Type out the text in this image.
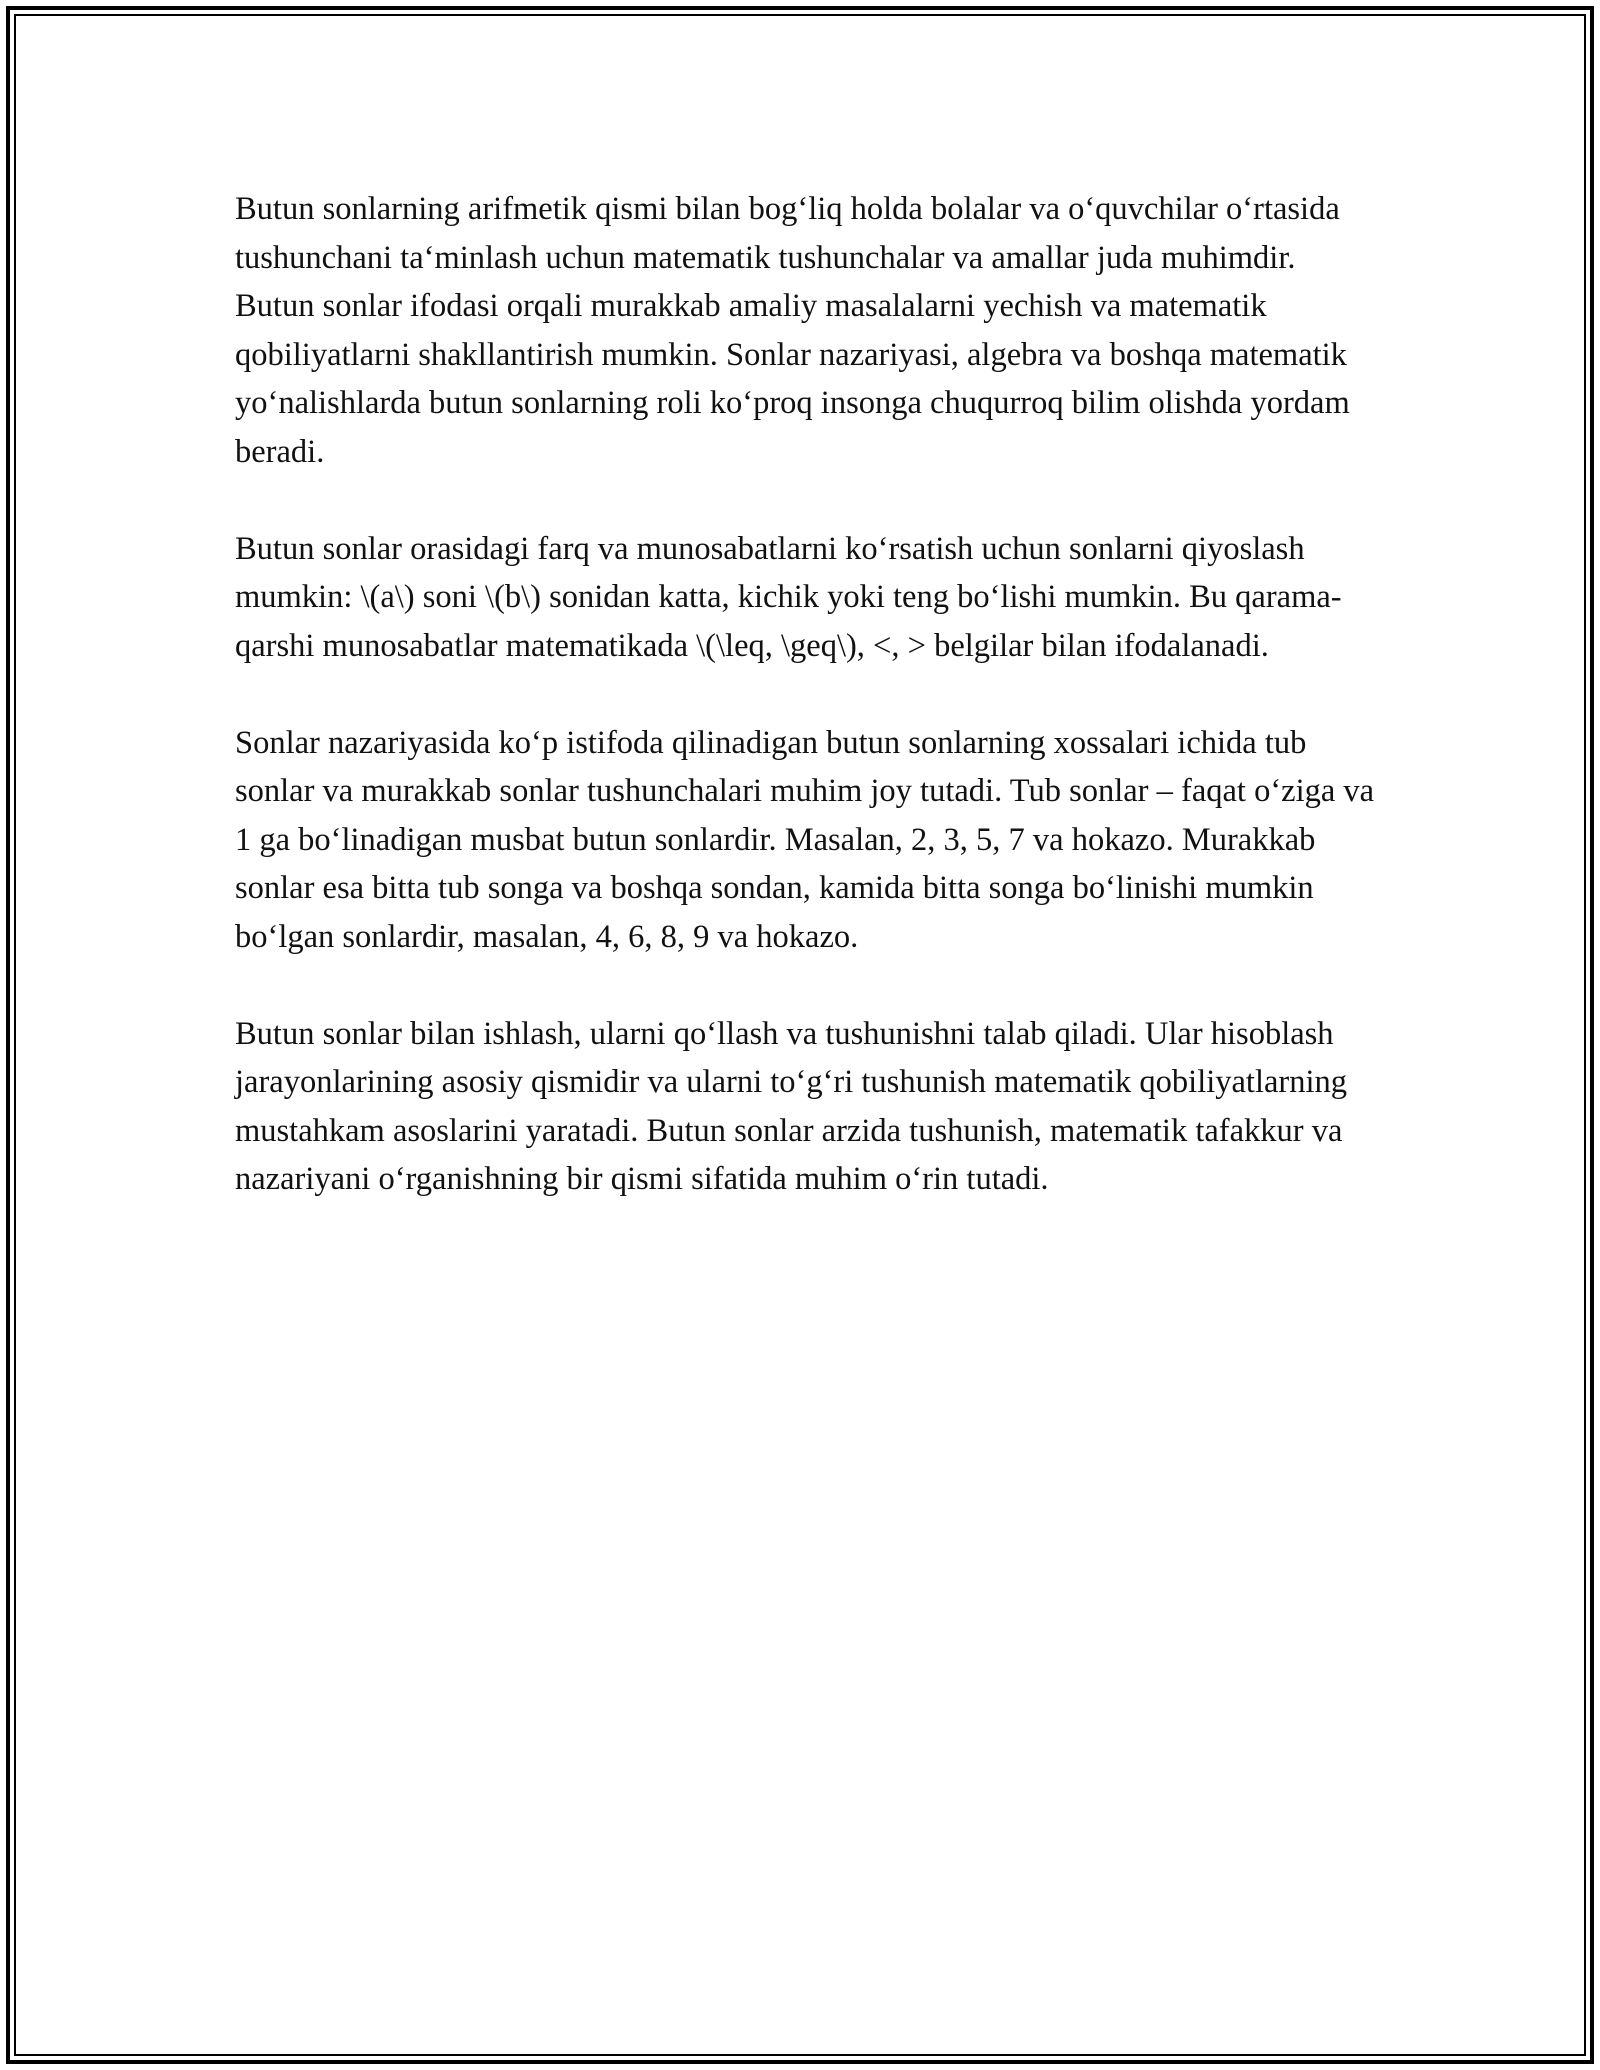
Butun sonlarning arifmetik qismi bilan bog‘liq holda bolalar va o‘quvchilar o‘rtasida tushunchani ta‘minlash uchun matematik tushunchalar va amallar juda muhimdir. Butun sonlar ifodasi orqali murakkab amaliy masalalarni yechish va matematik qobiliyatlarni shakllantirish mumkin. Sonlar nazariyasi, algebra va boshqa matematik yo‘nalishlarda butun sonlarning roli ko‘proq insonga chuqurroq bilim olishda yordam beradi.

Butun sonlar orasidagi farq va munosabatlarni ko‘rsatish uchun sonlarni qiyoslash mumkin: \(a\) soni \(b\) sonidan katta, kichik yoki teng bo‘lishi mumkin. Bu qarama-qarshi munosabatlar matematikada \(\leq, \geq\), <, > belgilar bilan ifodalanadi.

Sonlar nazariyasida ko‘p istifoda qilinadigan butun sonlarning xossalari ichida tub sonlar va murakkab sonlar tushunchalari muhim joy tutadi. Tub sonlar – faqat o‘ziga va 1 ga bo‘linadigan musbat butun sonlardir. Masalan, 2, 3, 5, 7 va hokazo. Murakkab sonlar esa bitta tub songa va boshqa sondan, kamida bitta songa bo‘linishi mumkin bo‘lgan sonlardir, masalan, 4, 6, 8, 9 va hokazo.

Butun sonlar bilan ishlash, ularni qo‘llash va tushunishni talab qiladi. Ular hisoblash jarayonlarining asosiy qismidir va ularni to‘g‘ri tushunish matematik qobiliyatlarning mustahkam asoslarini yaratadi. Butun sonlar arzida tushunish, matematik tafakkur va nazariyani o‘rganishning bir qismi sifatida muhim o‘rin tutadi.
